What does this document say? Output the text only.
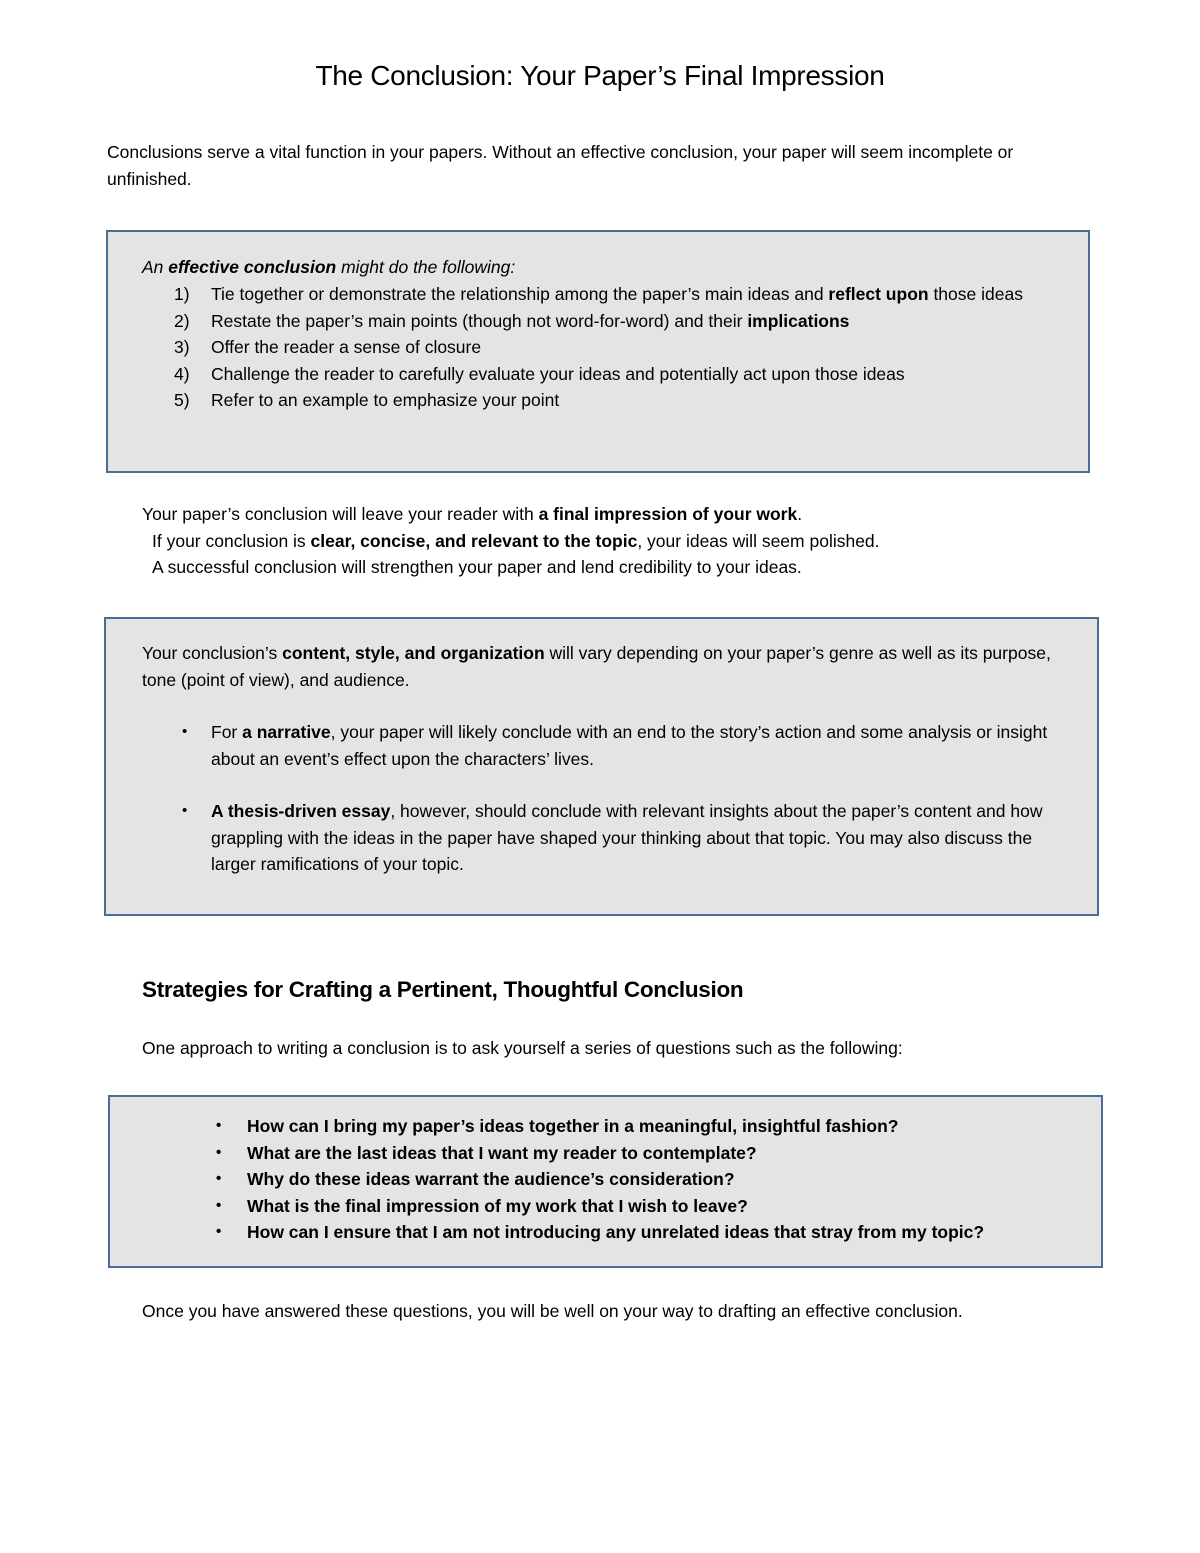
The Conclusion: Your Paper’s Final Impression

Conclusions serve a vital function in your papers. Without an effective conclusion, your paper will seem incomplete or unfinished.

An effective conclusion might do the following:
1) Tie together or demonstrate the relationship among the paper’s main ideas and reflect upon those ideas
2) Restate the paper’s main points (though not word-for-word) and their implications
3) Offer the reader a sense of closure
4) Challenge the reader to carefully evaluate your ideas and potentially act upon those ideas
5) Refer to an example to emphasize your point
Your paper’s conclusion will leave your reader with a final impression of your work.
If your conclusion is clear, concise, and relevant to the topic, your ideas will seem polished.
A successful conclusion will strengthen your paper and lend credibility to your ideas.
Your conclusion’s content, style, and organization will vary depending on your paper’s genre as well as its purpose, tone (point of view), and audience.
• For a narrative, your paper will likely conclude with an end to the story’s action and some analysis or insight about an event’s effect upon the characters’ lives.
• A thesis-driven essay, however, should conclude with relevant insights about the paper’s content and how grappling with the ideas in the paper have shaped your thinking about that topic. You may also discuss the larger ramifications of your topic.
Strategies for Crafting a Pertinent, Thoughtful Conclusion

One approach to writing a conclusion is to ask yourself a series of questions such as the following:

• How can I bring my paper’s ideas together in a meaningful, insightful fashion?
• What are the last ideas that I want my reader to contemplate?
• Why do these ideas warrant the audience’s consideration?
• What is the final impression of my work that I wish to leave?
• How can I ensure that I am not introducing any unrelated ideas that stray from my topic?

Once you have answered these questions, you will be well on your way to drafting an effective conclusion.
